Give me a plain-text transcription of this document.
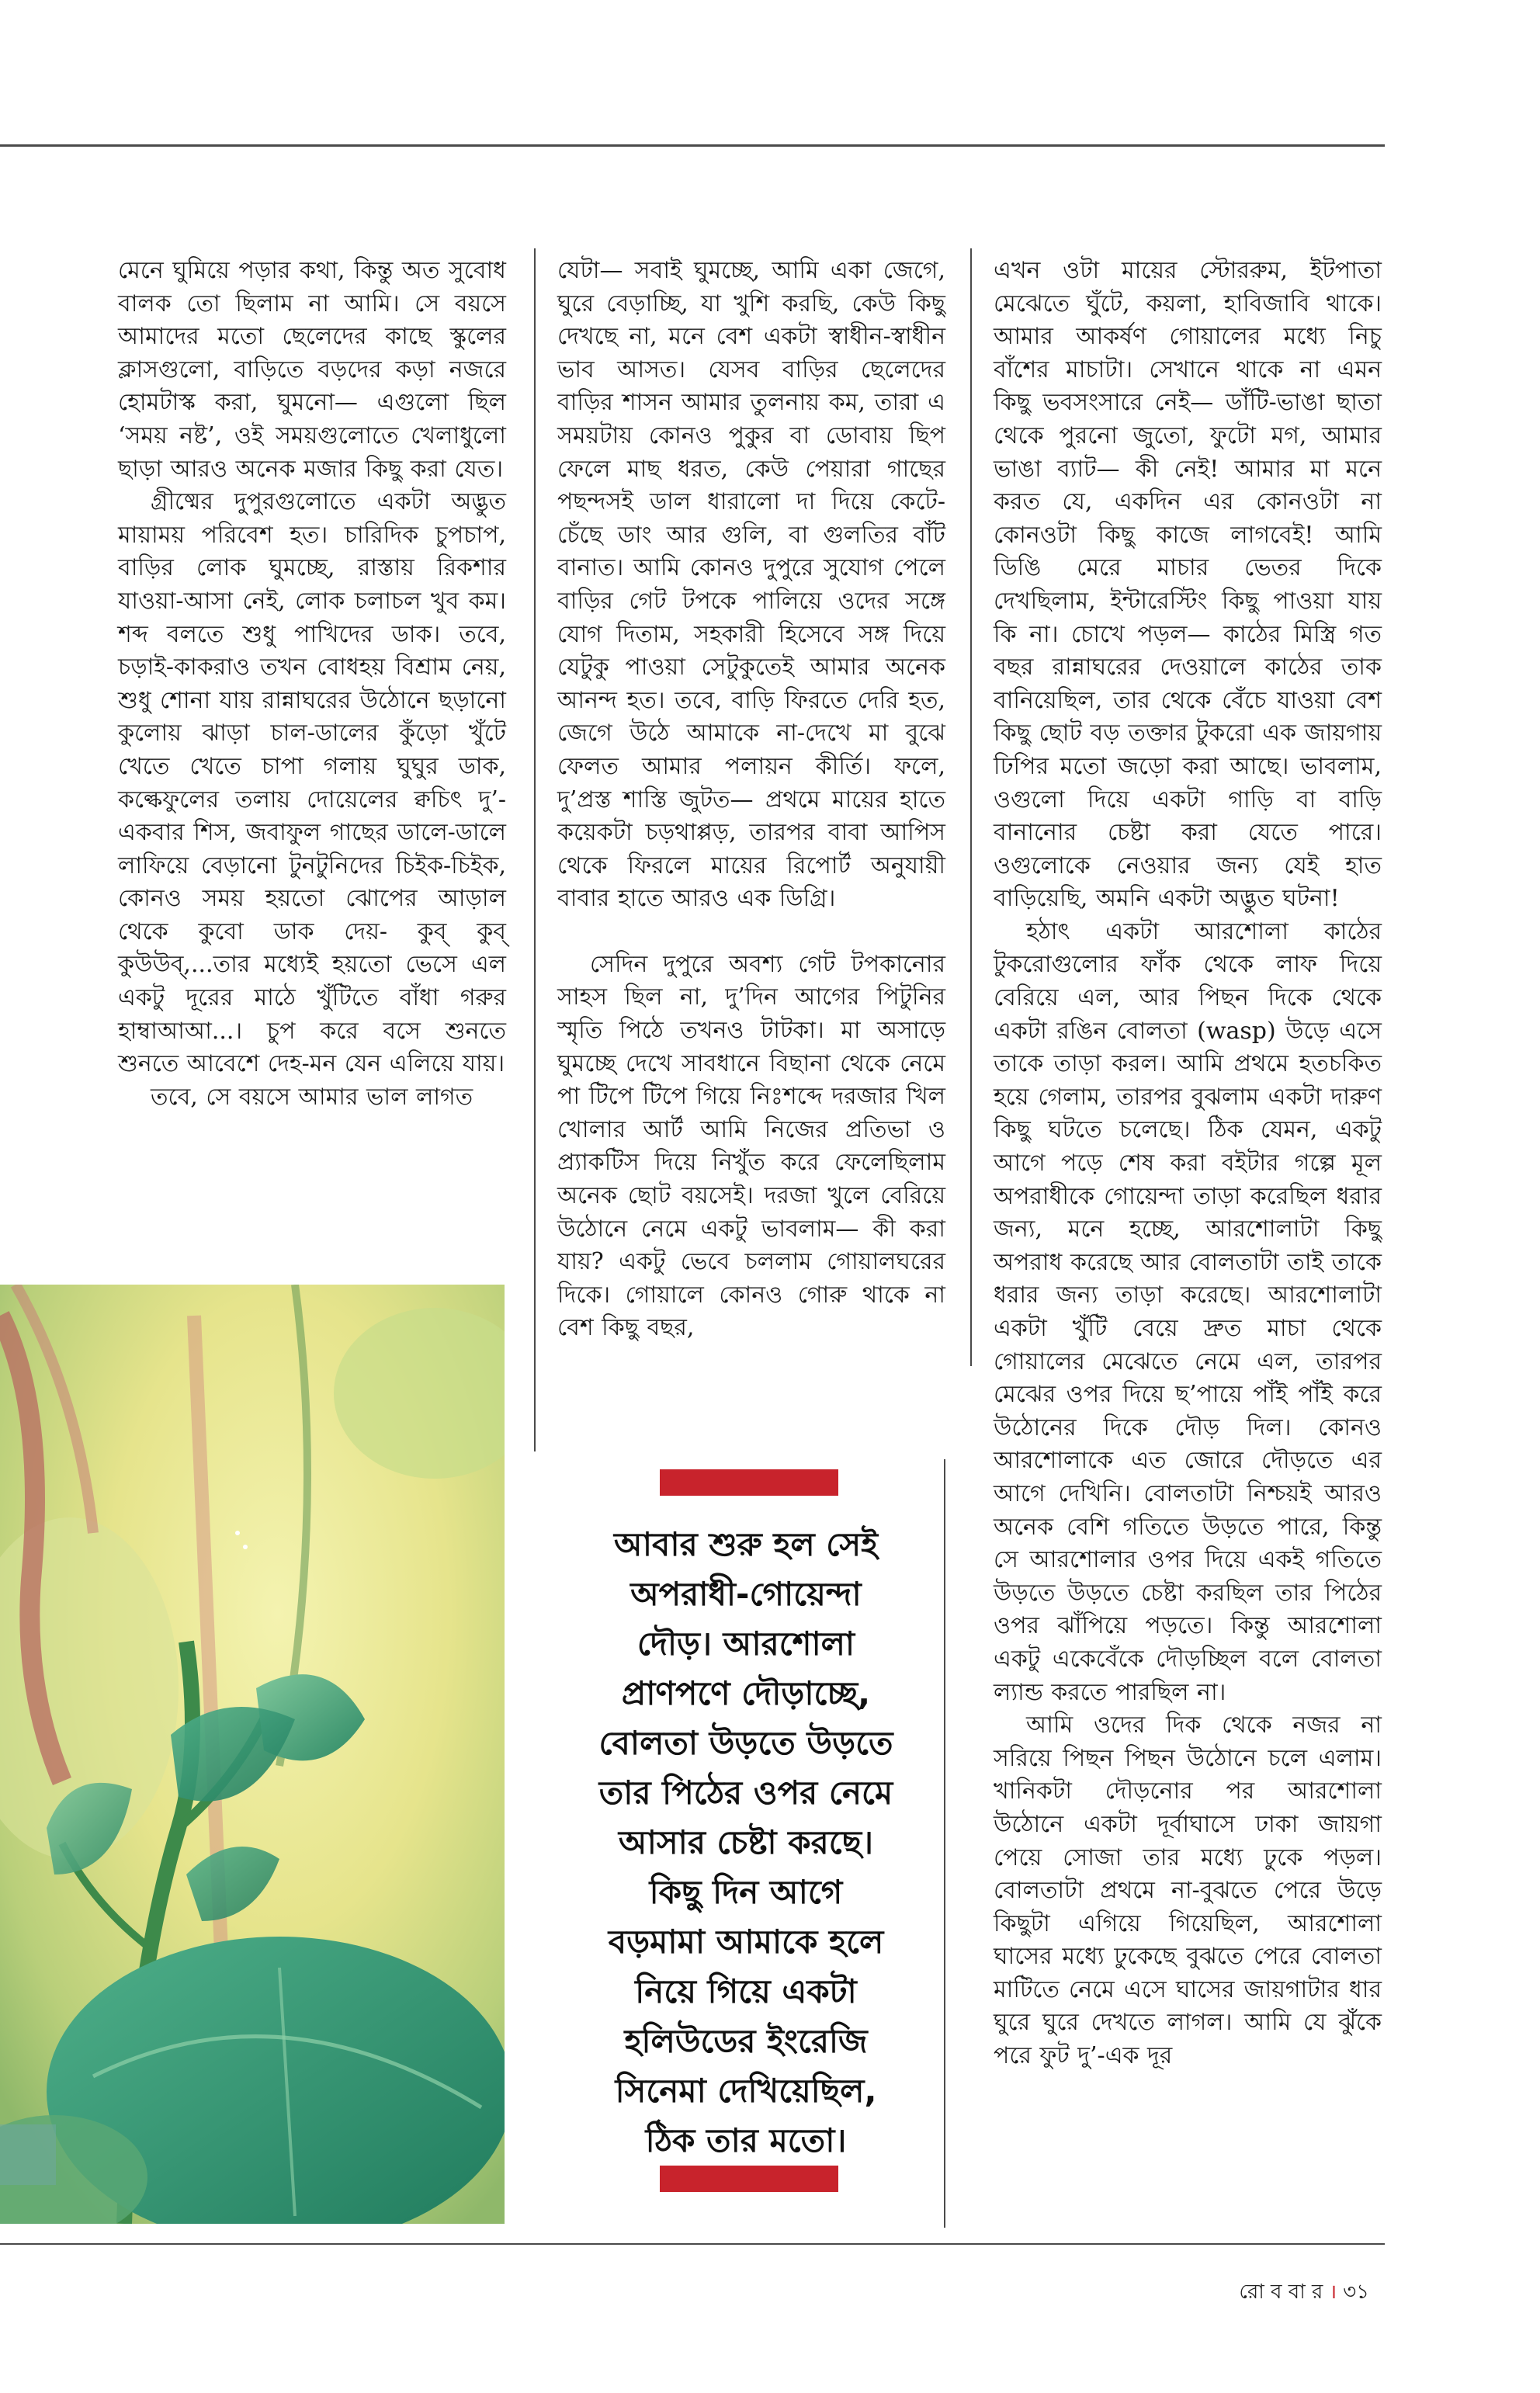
মেনে ঘুমিয়ে পড়ার কথা, কিন্তু অত সুবোধ বালক তো ছিলাম না আমি। সে বয়সে আমাদের মতো ছেলেদের কাছে স্কুলের ক্লাসগুলো, বাড়িতে বড়দের কড়া নজরে হোমটাস্ক করা, ঘুমনো— এগুলো ছিল ‘সময় নষ্ট’, ওই সময়গুলোতে খেলাধুলো ছাড়া আরও অনেক মজার কিছু করা যেত।

গ্রীষ্মের দুপুরগুলোতে একটা অদ্ভুত মায়াময় পরিবেশ হত। চারিদিক চুপচাপ, বাড়ির লোক ঘুমচ্ছে, রাস্তায় রিকশার যাওয়া-আসা নেই, লোক চলাচল খুব কম। শব্দ বলতে শুধু পাখিদের ডাক। তবে, চড়াই-কাকরাও তখন বোধহয় বিশ্রাম নেয়, শুধু শোনা যায় রান্নাঘরের উঠোনে ছড়ানো কুলোয় ঝাড়া চাল-ডালের কুঁড়ো খুঁটে খেতে খেতে চাপা গলায় ঘুঘুর ডাক, কল্কেফুলের তলায় দোয়েলের ক্বচিৎ দু’-একবার শিস, জবাফুল গাছের ডালে-ডালে লাফিয়ে বেড়ানো টুনটুনিদের চিইক-চিইক, কোনও সময় হয়তো ঝোপের আড়াল থেকে কুবো ডাক দেয়- কুব্ কুব্ কুউউব্,...তার মধ্যেই হয়তো ভেসে এল একটু দূরের মাঠে খুঁটিতে বাঁধা গরুর হাম্বাআআ...। চুপ করে বসে শুনতে শুনতে আবেশে দেহ-মন যেন এলিয়ে যায়।

তবে, সে বয়সে আমার ভাল লাগত

যেটা— সবাই ঘুমচ্ছে, আমি একা জেগে, ঘুরে বেড়াচ্ছি, যা খুশি করছি, কেউ কিছু দেখছে না, মনে বেশ একটা স্বাধীন-স্বাধীন ভাব আসত। যেসব বাড়ির ছেলেদের বাড়ির শাসন আমার তুলনায় কম, তারা এ সময়টায় কোনও পুকুর বা ডোবায় ছিপ ফেলে মাছ ধরত, কেউ পেয়ারা গাছের পছন্দসই ডাল ধারালো দা দিয়ে কেটে-চেঁছে ডাং আর গুলি, বা গুলতির বাঁট বানাত। আমি কোনও দুপুরে সুযোগ পেলে বাড়ির গেট টপকে পালিয়ে ওদের সঙ্গে যোগ দিতাম, সহকারী হিসেবে সঙ্গ দিয়ে যেটুকু পাওয়া সেটুকুতেই আমার অনেক আনন্দ হত। তবে, বাড়ি ফিরতে দেরি হত, জেগে উঠে আমাকে না-দেখে মা বুঝে ফেলত আমার পলায়ন কীর্তি। ফলে, দু’প্রস্ত শাস্তি জুটত— প্রথমে মায়ের হাতে কয়েকটা চড়থাপ্পড়, তারপর বাবা আপিস থেকে ফিরলে মায়ের রিপোর্ট অনুযায়ী বাবার হাতে আরও এক ডিগ্রি।

সেদিন দুপুরে অবশ্য গেট টপকানোর সাহস ছিল না, দু’দিন আগের পিটুনির স্মৃতি পিঠে তখনও টাটকা। মা অসাড়ে ঘুমচ্ছে দেখে সাবধানে বিছানা থেকে নেমে পা টিপে টিপে গিয়ে নিঃশব্দে দরজার খিল খোলার আর্ট আমি নিজের প্রতিভা ও প্র্যাকটিস দিয়ে নিখুঁত করে ফেলেছিলাম অনেক ছোট বয়সেই। দরজা খুলে বেরিয়ে উঠোনে নেমে একটু ভাবলাম— কী করা যায়? একটু ভেবে চললাম গোয়ালঘরের দিকে। গোয়ালে কোনও গোরু থাকে না বেশ কিছু বছর,

আবার শুরু হল সেই
অপরাধী-গোয়েন্দা
দৌড়। আরশোলা
প্রাণপণে দৌড়াচ্ছে,
বোলতা উড়তে উড়তে
তার পিঠের ওপর নেমে
আসার চেষ্টা করছে।
কিছু দিন আগে
বড়মামা আমাকে হলে
নিয়ে গিয়ে একটা
হলিউডের ইংরেজি
সিনেমা দেখিয়েছিল,
ঠিক তার মতো।

এখন ওটা মায়ের স্টোররুম, ইটপাতা মেঝেতে ঘুঁটে, কয়লা, হাবিজাবি থাকে। আমার আকর্ষণ গোয়ালের মধ্যে নিচু বাঁশের মাচাটা। সেখানে থাকে না এমন কিছু ভবসংসারে নেই— ডাঁটি-ভাঙা ছাতা থেকে পুরনো জুতো, ফুটো মগ, আমার ভাঙা ব্যাট— কী নেই! আমার মা মনে করত যে, একদিন এর কোনওটা না কোনওটা কিছু কাজে লাগবেই! আমি ডিঙি মেরে মাচার ভেতর দিকে দেখছিলাম, ইন্টারেস্টিং কিছু পাওয়া যায় কি না। চোখে পড়ল— কাঠের মিস্ত্রি গত বছর রান্নাঘরের দেওয়ালে কাঠের তাক বানিয়েছিল, তার থেকে বেঁচে যাওয়া বেশ কিছু ছোট বড় তক্তার টুকরো এক জায়গায় ঢিপির মতো জড়ো করা আছে। ভাবলাম, ওগুলো দিয়ে একটা গাড়ি বা বাড়ি বানানোর চেষ্টা করা যেতে পারে। ওগুলোকে নেওয়ার জন্য যেই হাত বাড়িয়েছি, অমনি একটা অদ্ভুত ঘটনা!

হঠাৎ একটা আরশোলা কাঠের টুকরোগুলোর ফাঁক থেকে লাফ দিয়ে বেরিয়ে এল, আর পিছন দিকে থেকে একটা রঙিন বোলতা (wasp) উড়ে এসে তাকে তাড়া করল। আমি প্রথমে হতচকিত হয়ে গেলাম, তারপর বুঝলাম একটা দারুণ কিছু ঘটতে চলেছে। ঠিক যেমন, একটু আগে পড়ে শেষ করা বইটার গল্পে মূল অপরাধীকে গোয়েন্দা তাড়া করেছিল ধরার জন্য, মনে হচ্ছে, আরশোলাটা কিছু অপরাধ করেছে আর বোলতাটা তাই তাকে ধরার জন্য তাড়া করেছে। আরশোলাটা একটা খুঁটি বেয়ে দ্রুত মাচা থেকে গোয়ালের মেঝেতে নেমে এল, তারপর মেঝের ওপর দিয়ে ছ’পায়ে পাঁই পাঁই করে উঠোনের দিকে দৌড় দিল। কোনও আরশোলাকে এত জোরে দৌড়তে এর আগে দেখিনি। বোলতাটা নিশ্চয়ই আরও অনেক বেশি গতিতে উড়তে পারে, কিন্তু সে আরশোলার ওপর দিয়ে একই গতিতে উড়তে উড়তে চেষ্টা করছিল তার পিঠের ওপর ঝাঁপিয়ে পড়তে। কিন্তু আরশোলা একটু একেবেঁকে দৌড়চ্ছিল বলে বোলতা ল্যান্ড করতে পারছিল না।

আমি ওদের দিক থেকে নজর না সরিয়ে পিছন পিছন উঠোনে চলে এলাম। খানিকটা দৌড়নোর পর আরশোলা উঠোনে একটা দূর্বাঘাসে ঢাকা জায়গা পেয়ে সোজা তার মধ্যে ঢুকে পড়ল। বোলতাটা প্রথমে না-বুঝতে পেরে উড়ে কিছুটা এগিয়ে গিয়েছিল, আরশোলা ঘাসের মধ্যে ঢুকেছে বুঝতে পেরে বোলতা মাটিতে নেমে এসে ঘাসের জায়গাটার ধার ঘুরে ঘুরে দেখতে লাগল। আমি যে ঝুঁকে পরে ফুট দু’-এক দূর

রো ব বা র । ৩১
